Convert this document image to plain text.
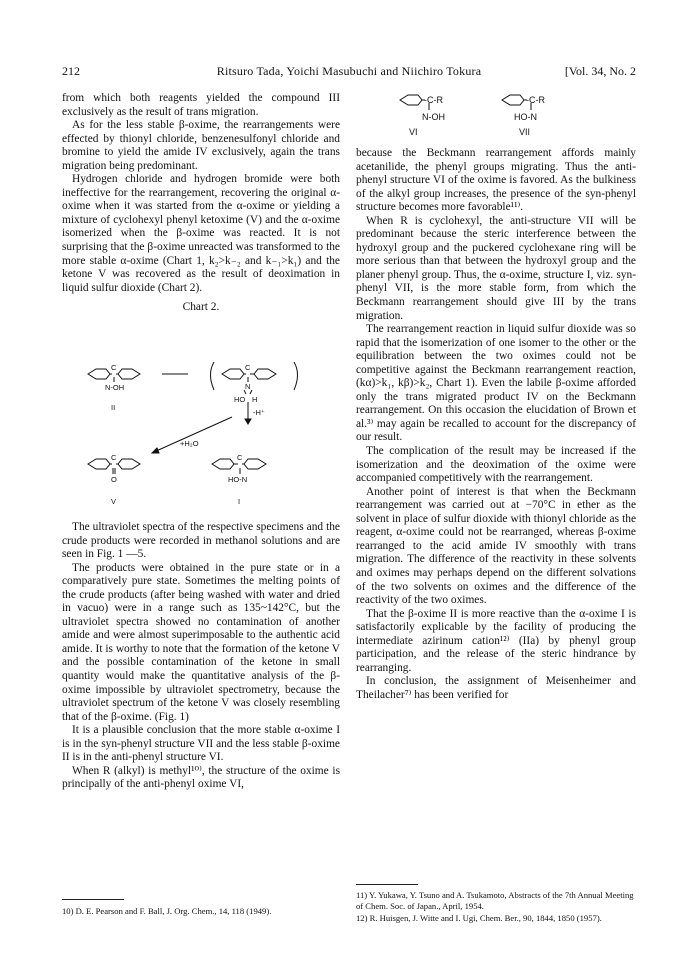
212	Ritsuro Tada, Yoichi Masubuchi and Niichiro Tokura	[Vol. 34, No. 2

from which both reagents yielded the compound III exclusively as the result of trans migration.

As for the less stable β-oxime, the rearrangements were effected by thionyl chloride, benzenesulfonyl chloride and bromine to yield the amide IV exclusively, again the trans migration being predominant.

Hydrogen chloride and hydrogen bromide were both ineffective for the rearrangement, recovering the original α-oxime when it was started from the α-oxime or yielding a mixture of cyclohexyl phenyl ketoxime (V) and the α-oxime isomerized when the β-oxime was reacted. It is not surprising that the β-oxime unreacted was transformed to the more stable α-oxime (Chart 1, k₂>k₋₂ and k₋₁>k₁) and the ketone V was recovered as the result of deoximation in liquid sulfur dioxide (Chart 2).

Chart 2.
C
N-OH
II
C
N
HO H
-H⁺
+H₂O
C
O
V
C
HO-N
I

The ultraviolet spectra of the respective specimens and the crude products were recorded in methanol solutions and are seen in Fig. 1 —5.

The products were obtained in the pure state or in a comparatively pure state. Sometimes the melting points of the crude products (after being washed with water and dried in vacuo) were in a range such as 135~142°C, but the ultraviolet spectra showed no contamination of another amide and were almost superimposable to the authentic acid amide. It is worthy to note that the formation of the ketone V and the possible contamination of the ketone in small quantity would make the quantitative analysis of the β-oxime impossible by ultraviolet spectrometry, because the ultraviolet spectrum of the ketone V was closely resembling that of the β-oxime. (Fig. 1)

It is a plausible conclusion that the more stable α-oxime I is in the syn-phenyl structure VII and the less stable β-oxime II is in the anti-phenyl structure VI.

When R (alkyl) is methyl¹⁰⁾, the structure of the oxime is principally of the anti-phenyl oxime VI,

10) D. E. Pearson and F. Ball, J. Org. Chem., 14, 118 (1949).

-C-R
N-OH
VI
-C-R
HO-N
VII

because the Beckmann rearrangement affords mainly acetanilide, the phenyl groups migrating. Thus the anti-phenyl structure VI of the oxime is favored. As the bulkiness of the alkyl group increases, the presence of the syn-phenyl structure becomes more favorable¹¹⁾.

When R is cyclohexyl, the anti-structure VII will be predominant because the steric interference between the hydroxyl group and the puckered cyclohexane ring will be more serious than that between the hydroxyl group and the planer phenyl group. Thus, the α-oxime, structure I, viz. syn-phenyl VII, is the more stable form, from which the Beckmann rearrangement should give III by the trans migration.

The rearrangement reaction in liquid sulfur dioxide was so rapid that the isomerization of one isomer to the other or the equilibration between the two oximes could not be competitive against the Beckmann rearrangement reaction, (kα)>k₁, kβ)>k₂, Chart 1). Even the labile β-oxime afforded only the trans migrated product IV on the Beckmann rearrangement. On this occasion the elucidation of Brown et al.³⁾ may again be recalled to account for the discrepancy of our result.

The complication of the result may be increased if the isomerization and the deoximation of the oxime were accompanied competitively with the rearrangement.

Another point of interest is that when the Beckmann rearrangement was carried out at −70°C in ether as the solvent in place of sulfur dioxide with thionyl chloride as the reagent, α-oxime could not be rearranged, whereas β-oxime rearranged to the acid amide IV smoothly with trans migration. The difference of the reactivity in these solvents and oximes may perhaps depend on the different solvations of the two solvents on oximes and the difference of the reactivity of the two oximes.

That the β-oxime II is more reactive than the α-oxime I is satisfactorily explicable by the facility of producing the intermediate azirinum cation¹²⁾ (IIa) by phenyl group participation, and the release of the steric hindrance by rearranging.

In conclusion, the assignment of Meisenheimer and Theilacher⁷⁾ has been verified for

11) Y. Yukawa, Y. Tsuno and A. Tsukamoto, Abstracts of the 7th Annual Meeting of Chem. Soc. of Japan., April, 1954.

12) R. Huisgen, J. Witte and I. Ugi, Chem. Ber., 90, 1844, 1850 (1957).
